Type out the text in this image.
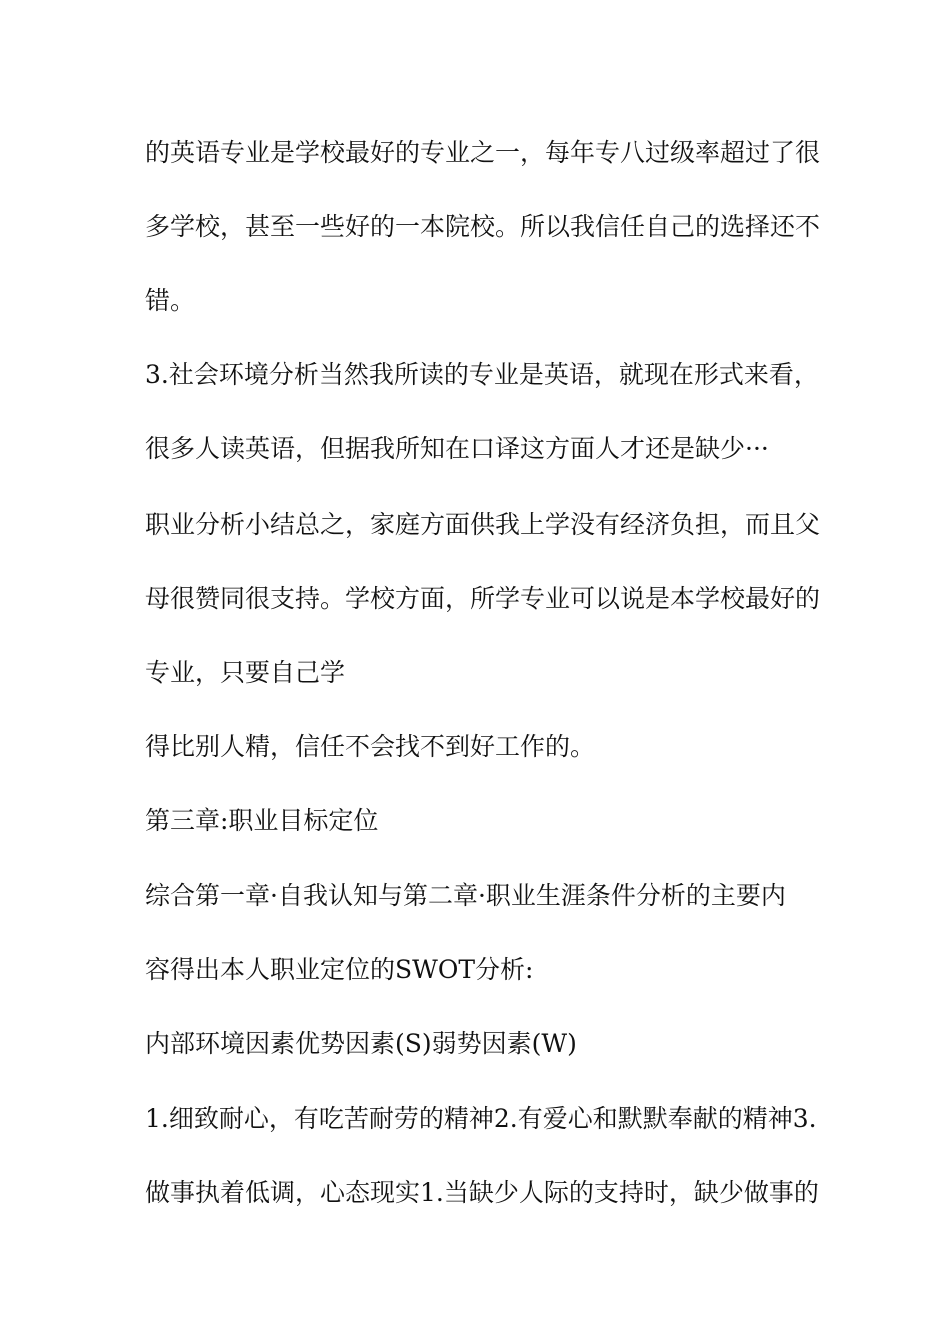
的英语专业是学校最好的专业之一，每年专八过级率超过了很
多学校，甚至一些好的一本院校。所以我信任自己的选择还不
错。
3.社会环境分析当然我所读的专业是英语，就现在形式来看，
很多人读英语，但据我所知在口译这方面人才还是缺少···
职业分析小结总之，家庭方面供我上学没有经济负担，而且父
母很赞同很支持。学校方面，所学专业可以说是本学校最好的
专业，只要自己学
得比别人精，信任不会找不到好工作的。
第三章:职业目标定位
综合第一章·自我认知与第二章·职业生涯条件分析的主要内
容得出本人职业定位的SWOT分析:
内部环境因素优势因素(S)弱势因素(W)
1.细致耐心，有吃苦耐劳的精神2.有爱心和默默奉献的精神3.
做事执着低调，心态现实1.当缺少人际的支持时，缺少做事的
